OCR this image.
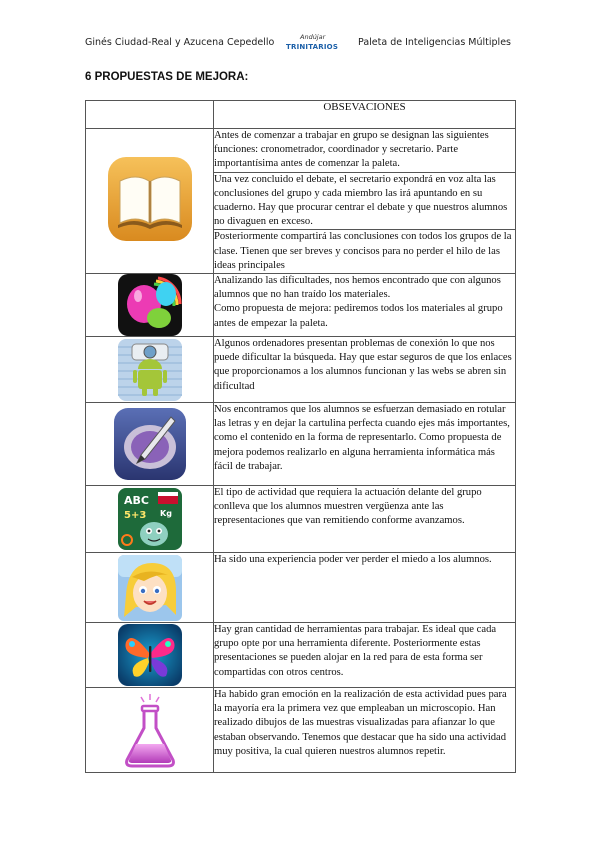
Ginés Ciudad-Real y Azucena Cepedello	Andújar
TRINITARIOS Paleta de Inteligencias Múltiples
6 PROPUESTAS DE MEJORA:
	OBSEVACIONES

	Antes de comenzar a trabajar en grupo se designan las siguientes funciones: cronometrador, coordinador y secretario. Parte importantísima antes de comenzar la paleta.
	Una vez concluido el debate, el secretario expondrá en voz alta las conclusiones del grupo y cada miembro las irá apuntando en su cuaderno. Hay que procurar centrar el debate y que nuestros alumnos no divaguen en exceso.
	Posteriormente compartirá las conclusiones con todos los grupos de la clase. Tienen que ser breves y concisos para no perder el hilo de las ideas principales

	Analizando las dificultades, nos hemos encontrado que con algunos alumnos que no han traído los materiales.
Como propuesta de mejora: pediremos todos los materiales al grupo antes de empezar la paleta.

	Algunos ordenadores presentan problemas de conexión lo que nos puede dificultar la búsqueda. Hay que estar seguros de que los enlaces que proporcionamos a los alumnos funcionan y las webs se abren sin dificultad

	Nos encontramos que los alumnos se esfuerzan demasiado en rotular las letras y en dejar la cartulina perfecta cuando ejes más importantes, como el contenido en la forma de representarlo. Como propuesta de mejora podemos realizarlo en alguna herramienta informática más fácil de trabajar.

ABC
5+3 Kg	El tipo de actividad que requiera la actuación delante del grupo conlleva que los alumnos muestren vergüenza ante las representaciones que van remitiendo conforme avanzamos.

	Ha sido una experiencia poder ver perder el miedo a los alumnos.

	Hay gran cantidad de herramientas para trabajar. Es ideal que cada grupo opte por una herramienta diferente. Posteriormente estas presentaciones se pueden alojar en la red para de esta forma ser compartidas con otros centros.

	Ha habido gran emoción en la realización de esta actividad pues para la mayoría era la primera vez que empleaban un microscopio. Han realizado dibujos de las muestras visualizadas para afianzar lo que estaban observando. Tenemos que destacar que ha sido una actividad muy positiva, la cual quieren nuestros alumnos repetir.
